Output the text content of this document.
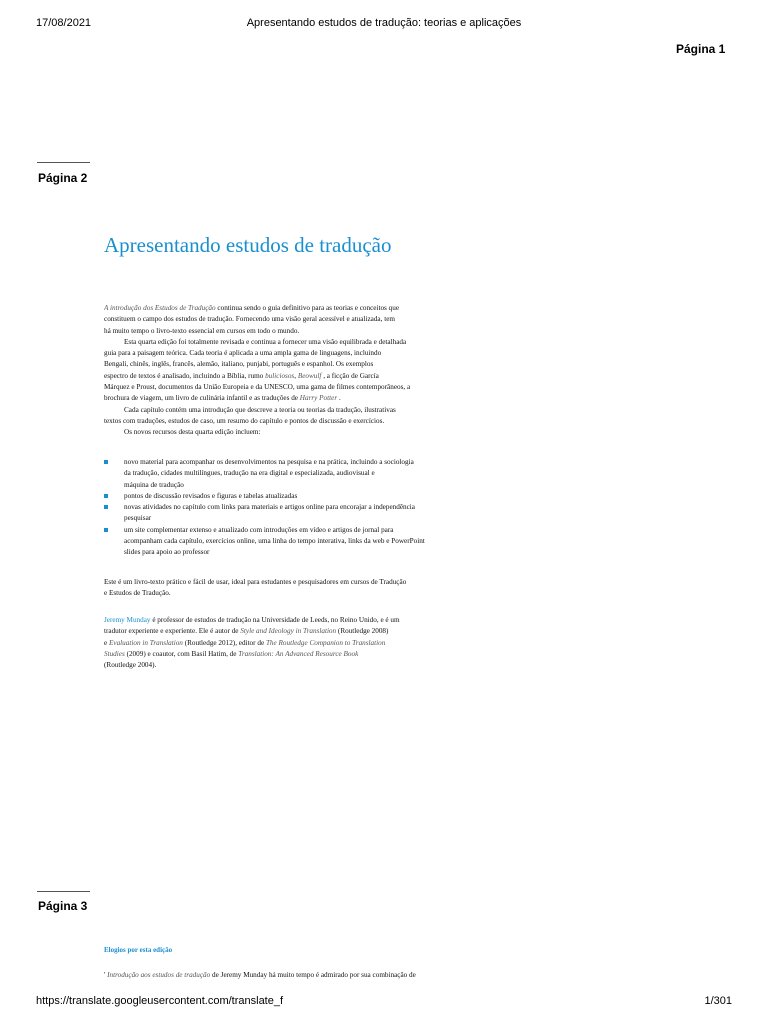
17/08/2021	Apresentando estudos de tradução: teorias e aplicações
Página 1
Página 2
Apresentando estudos de tradução
A introdução dos Estudos de Tradução continua sendo o guia definitivo para as teorias e conceitos que
constituem o campo dos estudos de tradução. Fornecendo uma visão geral acessível e atualizada, tem
há muito tempo o livro-texto essencial em cursos em todo o mundo.
Esta quarta edição foi totalmente revisada e continua a fornecer uma visão equilibrada e detalhada
guia para a paisagem teórica. Cada teoria é aplicada a uma ampla gama de linguagens, incluindo
Bengali, chinês, inglês, francês, alemão, italiano, punjabi, português e espanhol. Os exemplos
espectro de textos é analisado, incluindo a Bíblia, rumo buliciosos, Beowulf , a ficção de García
Márquez e Proust, documentos da União Europeia e da UNESCO, uma gama de filmes contemporâneos, a
brochura de viagem, um livro de culinária infantil e as traduções de Harry Potter .
Cada capítulo contém uma introdução que descreve a teoria ou teorias da tradução, ilustrativas
textos com traduções, estudos de caso, um resumo do capítulo e pontos de discussão e exercícios.
Os novos recursos desta quarta edição incluem:
novo material para acompanhar os desenvolvimentos na pesquisa e na prática, incluindo a sociologia
da tradução, cidades multilíngues, tradução na era digital e especializada, audiovisual e
máquina de tradução
pontos de discussão revisados e figuras e tabelas atualizadas
novas atividades no capítulo com links para materiais e artigos online para encorajar a independência
pesquisar
um site complementar extenso e atualizado com introduções em vídeo e artigos de jornal para
acompanham cada capítulo, exercícios online, uma linha do tempo interativa, links da web e PowerPoint
slides para apoio ao professor
Este é um livro-texto prático e fácil de usar, ideal para estudantes e pesquisadores em cursos de Tradução
e Estudos de Tradução.
Jeremy Munday é professor de estudos de tradução na Universidade de Leeds, no Reino Unido, e é um
tradutor experiente e experiente. Ele é autor de Style and Ideology in Translation (Routledge 2008)
e Evaluation in Translation (Routledge 2012), editor de The Routledge Companion to Translation
Studies (2009) e coautor, com Basil Hatim, de Translation: An Advanced Resource Book
(Routledge 2004).
Página 3
Elogios por esta edição
' Introdução aos estudos de tradução de Jeremy Munday há muito tempo é admirado por sua combinação de
https://translate.googleusercontent.com/translate_f	1/301
